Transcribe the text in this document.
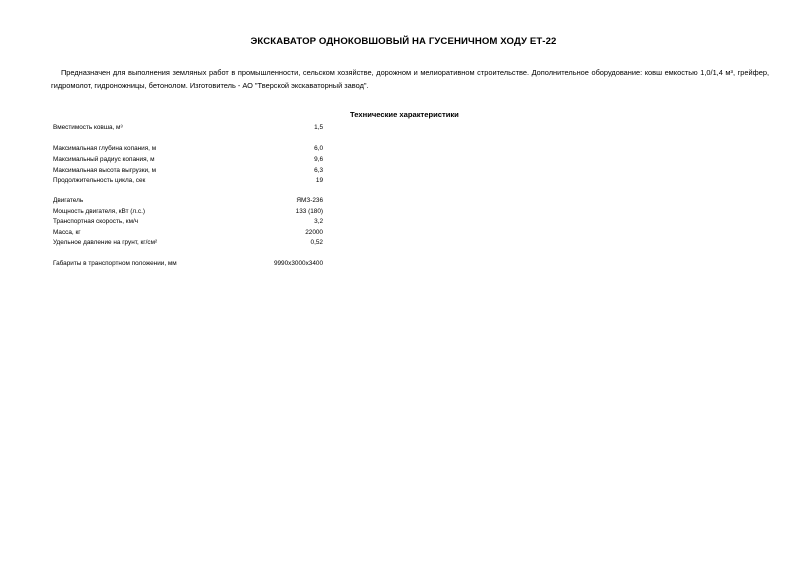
ЭКСКАВАТОР ОДНОКОВШОВЫЙ НА ГУСЕНИЧНОМ ХОДУ ЕТ-22

Предназначен для выполнения земляных работ в промышленности, сельском хозяйстве, дорожном и мелиоративном строительстве. Дополнительное оборудование: ковш емкостью 1,0/1,4 м³, грейфер, гидромолот, гидроножницы, бетонолом. Изготовитель - АО "Тверской экскаваторный завод".

Технические характеристики
Вместимость ковша, м³	1,5
Максимальная глубина копания, м	6,0
Максимальный радиус копания, м	9,6
Максимальная высота выгрузки, м	6,3
Продолжительность цикла, сек	19
Двигатель	ЯМЗ-236
Мощность двигателя, кВт (л.с.)	133 (180)
Транспортная скорость, км/ч	3,2
Масса, кг	22000
Удельное давление на грунт, кг/см²	0,52
Габариты в транспортном положении, мм	9990х3000х3400
